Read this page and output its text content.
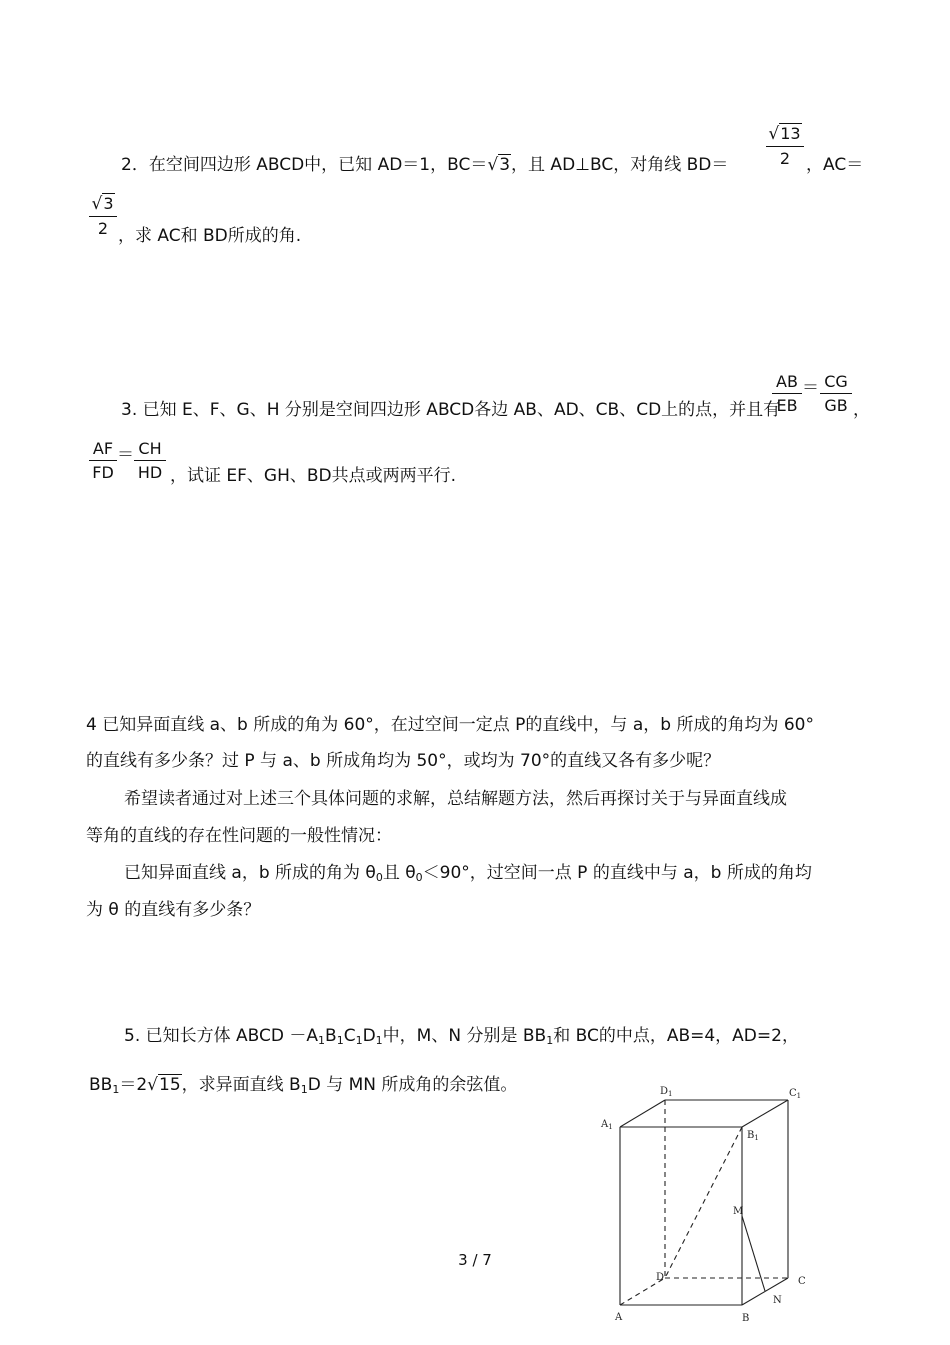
2．在空间四边形 ABCD中，已知 AD＝1，BC＝√3，且 AD⊥BC，对角线 BD＝
√13
2 ，AC＝
√3
2 ，求 AC和 BD所成的角.
3. 已知 E、F、G、H 分别是空间四边形 ABCD各边 AB、AD、CB、CD上的点，并且有
AB
EB
＝ CG
GB ，
AF
FD
＝ CH
HD ，试证 EF、GH、BD共点或两两平行.
4 已知异面直线 a、b 所成的角为 60°，在过空间一定点 P的直线中，与 a，b 所成的角均为 60°
的直线有多少条？过 P 与 a、b 所成角均为 50°，或均为 70°的直线又各有多少呢？
希望读者通过对上述三个具体问题的求解，总结解题方法，然后再探讨关于与异面直线成
等角的直线的存在性问题的一般性情况：
已知异面直线 a，b 所成的角为 $\theta_0$且 $\theta_0<90^\circ$，过空间一点 P 的直线中与 a，b 所成的角均
为 θ 的直线有多少条？
5. 已知长方体 ABCD $-A_1B_1C_1D_1$中，M、N 分别是 $BB_1$和 BC的中点，AB=4，AD=2，
$BB_1=2√15$，求异面直线 $B_1D$ 与 MN 所成角的余弦值。	$D_1$	$C_1$
$A_1$
$B_1$
M
D	C
N
A	B
3 / 7
